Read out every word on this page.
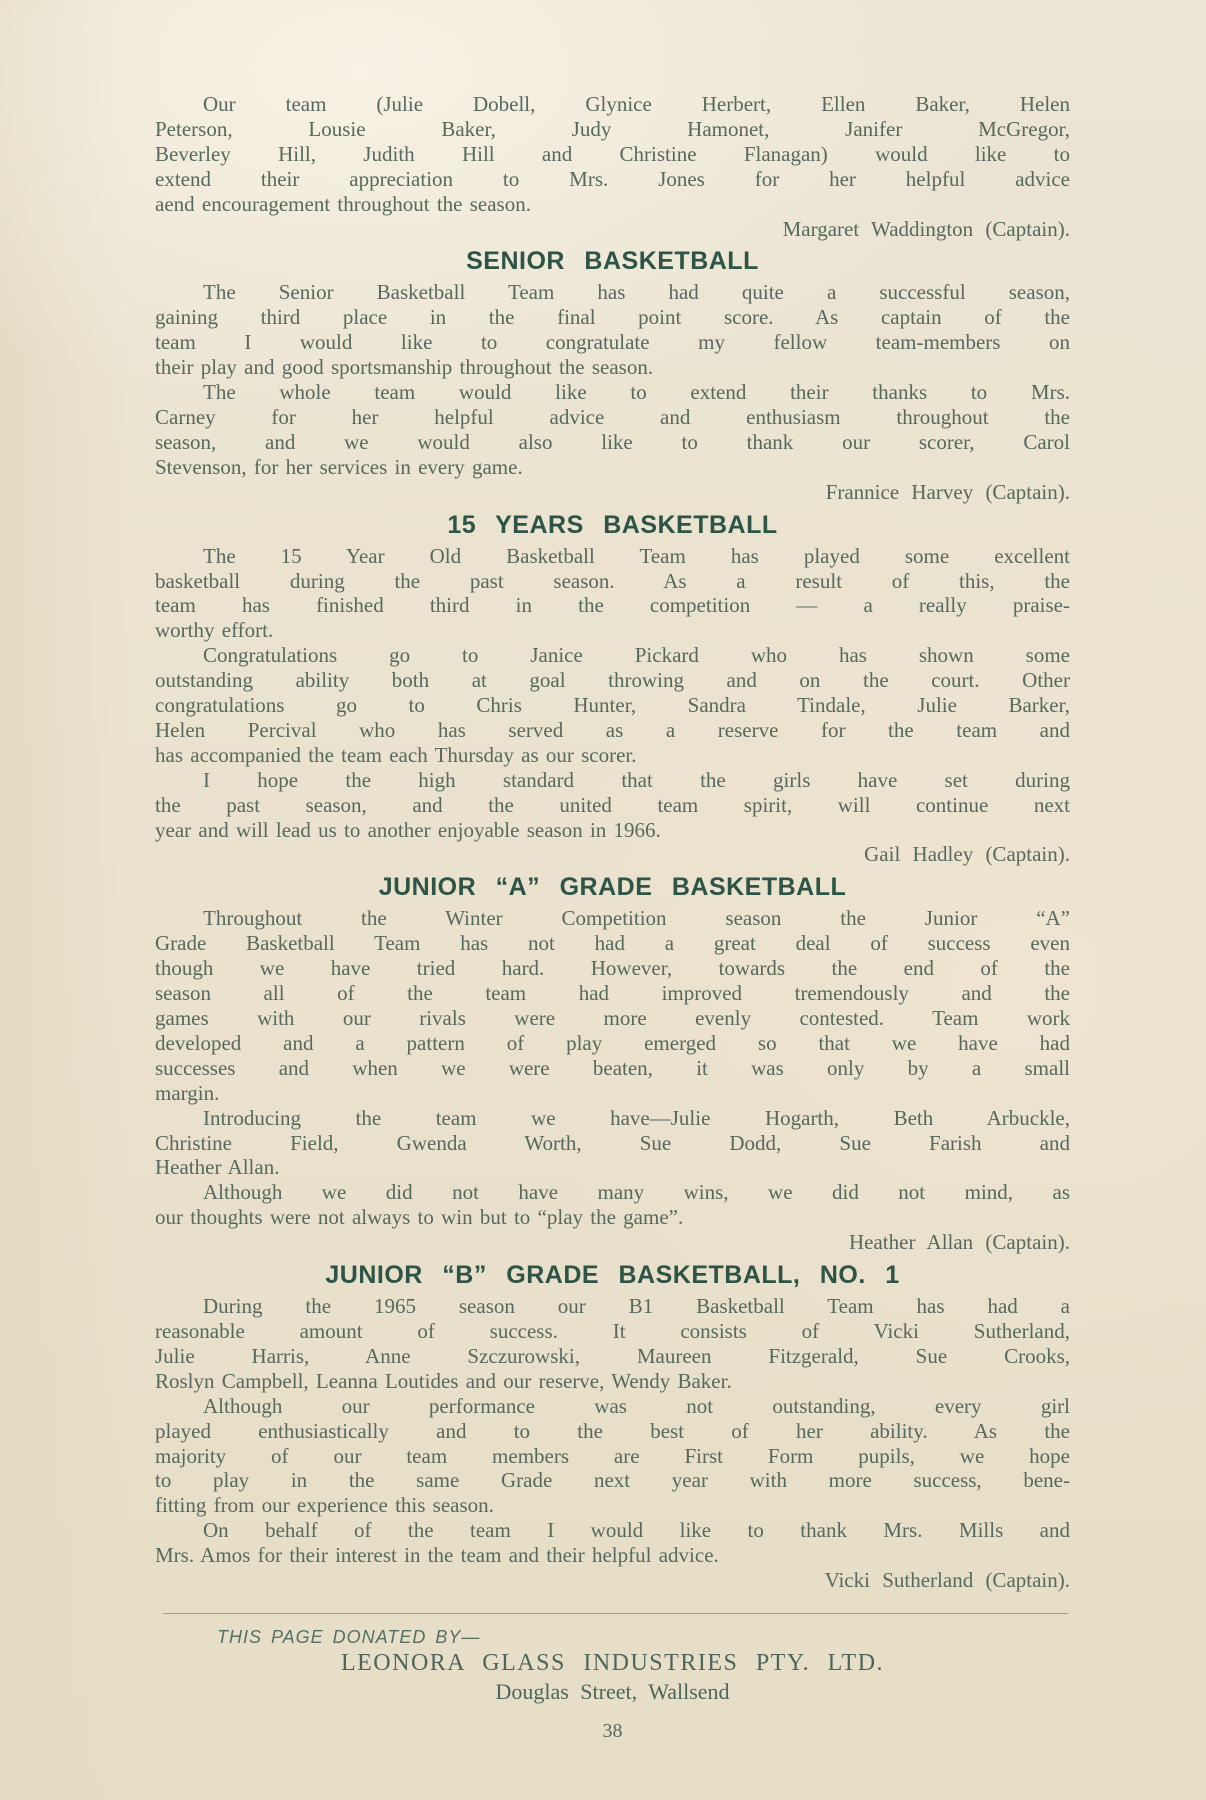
Our team (Julie Dobell, Glynice Herbert, Ellen Baker, Helen
Peterson, Lousie Baker, Judy Hamonet, Janifer McGregor,
Beverley Hill, Judith Hill and Christine Flanagan) would like to
extend their appreciation to Mrs. Jones for her helpful advice
aend encouragement throughout the season.

Margaret Waddington (Captain).
SENIOR BASKETBALL

The Senior Basketball Team has had quite a successful season,
gaining third place in the final point score. As captain of the
team I would like to congratulate my fellow team-members on
their play and good sportsmanship throughout the season.

The whole team would like to extend their thanks to Mrs.
Carney for her helpful advice and enthusiasm throughout the
season, and we would also like to thank our scorer, Carol
Stevenson, for her services in every game.

Frannice Harvey (Captain).
15 YEARS BASKETBALL

The 15 Year Old Basketball Team has played some excellent
basketball during the past season. As a result of this, the
team has finished third in the competition — a really praise-
worthy effort.

Congratulations go to Janice Pickard who has shown some
outstanding ability both at goal throwing and on the court. Other
congratulations go to Chris Hunter, Sandra Tindale, Julie Barker,
Helen Percival who has served as a reserve for the team and
has accompanied the team each Thursday as our scorer.

I hope the high standard that the girls have set during
the past season, and the united team spirit, will continue next
year and will lead us to another enjoyable season in 1966.

Gail Hadley (Captain).
JUNIOR “A” GRADE BASKETBALL

Throughout the Winter Competition season the Junior “A”
Grade Basketball Team has not had a great deal of success even
though we have tried hard. However, towards the end of the
season all of the team had improved tremendously and the
games with our rivals were more evenly contested. Team work
developed and a pattern of play emerged so that we have had
successes and when we were beaten, it was only by a small
margin.

Introducing the team we have—Julie Hogarth, Beth Arbuckle,
Christine Field, Gwenda Worth, Sue Dodd, Sue Farish and
Heather Allan.

Although we did not have many wins, we did not mind, as
our thoughts were not always to win but to “play the game”.

Heather Allan (Captain).
JUNIOR “B” GRADE BASKETBALL, NO. 1

During the 1965 season our B1 Basketball Team has had a
reasonable amount of success. It consists of Vicki Sutherland,
Julie Harris, Anne Szczurowski, Maureen Fitzgerald, Sue Crooks,
Roslyn Campbell, Leanna Loutides and our reserve, Wendy Baker.

Although our performance was not outstanding, every girl
played enthusiastically and to the best of her ability. As the
majority of our team members are First Form pupils, we hope
to play in the same Grade next year with more success, bene-
fitting from our experience this season.

On behalf of the team I would like to thank Mrs. Mills and
Mrs. Amos for their interest in the team and their helpful advice.

Vicki Sutherland (Captain).
THIS PAGE DONATED BY—
LEONORA GLASS INDUSTRIES PTY. LTD.
Douglas Street, Wallsend
38
